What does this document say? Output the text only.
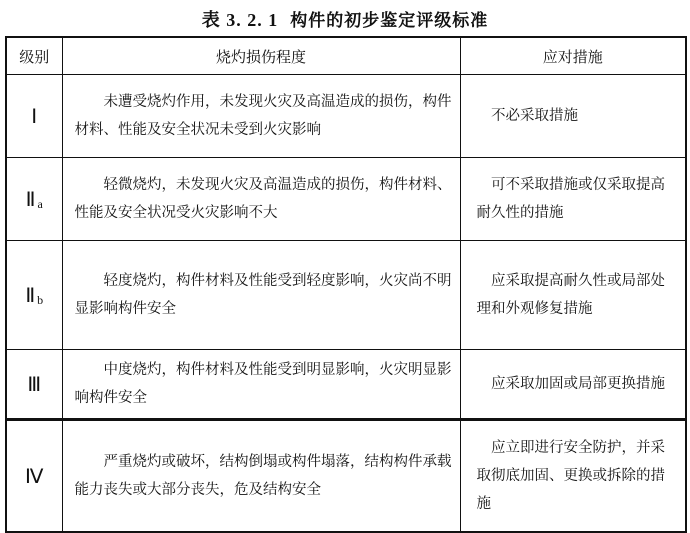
表 3. 2. 1 构件的初步鉴定评级标准
级别	烧灼损伤程度	应对措施
Ⅰ	未遭受烧灼作用，未发现火灾及高温造成的损伤，构件材料、性能及安全状况未受到火灾影响	不必采取措施
Ⅱ $_a$	轻微烧灼，未发现火灾及高温造成的损伤，构件材料、性能及安全状况受火灾影响不大	可不采取措施或仅采取提高耐久性的措施
Ⅱ $_b$	轻度烧灼，构件材料及性能受到轻度影响，火灾尚不明显影响构件安全	应采取提高耐久性或局部处理和外观修复措施
Ⅲ	中度烧灼，构件材料及性能受到明显影响，火灾明显影响构件安全	应采取加固或局部更换措施
Ⅳ	严重烧灼或破坏，结构倒塌或构件塌落，结构构件承载能力丧失或大部分丧失，危及结构安全	应立即进行安全防护，并采取彻底加固、更换或拆除的措施
